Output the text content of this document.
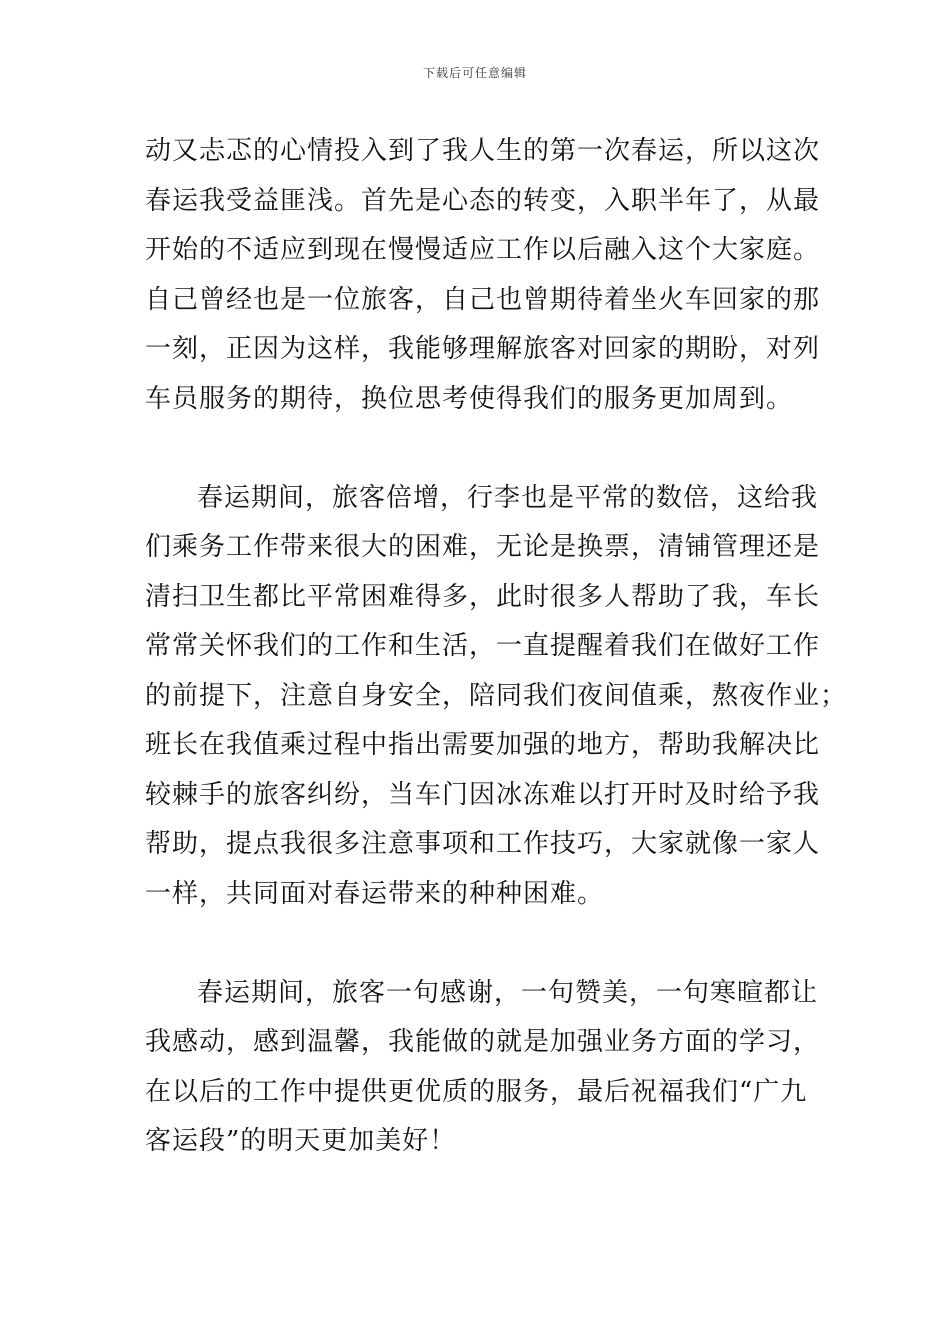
下载后可任意编辑
动又忐忑的心情投入到了我人生的第一次春运，所以这次
春运我受益匪浅。首先是心态的转变，入职半年了，从最
开始的不适应到现在慢慢适应工作以后融入这个大家庭。
自己曾经也是一位旅客，自己也曾期待着坐火车回家的那
一刻，正因为这样，我能够理解旅客对回家的期盼，对列
车员服务的期待，换位思考使得我们的服务更加周到。
春运期间，旅客倍增，行李也是平常的数倍，这给我
们乘务工作带来很大的困难，无论是换票，清铺管理还是
清扫卫生都比平常困难得多，此时很多人帮助了我，车长
常常关怀我们的工作和生活，一直提醒着我们在做好工作
的前提下，注意自身安全，陪同我们夜间值乘，熬夜作业；
班长在我值乘过程中指出需要加强的地方，帮助我解决比
较棘手的旅客纠纷，当车门因冰冻难以打开时及时给予我
帮助，提点我很多注意事项和工作技巧，大家就像一家人
一样，共同面对春运带来的种种困难。
春运期间，旅客一句感谢，一句赞美，一句寒暄都让
我感动，感到温馨，我能做的就是加强业务方面的学习，
在以后的工作中提供更优质的服务，最后祝福我们“广九
客运段”的明天更加美好！
